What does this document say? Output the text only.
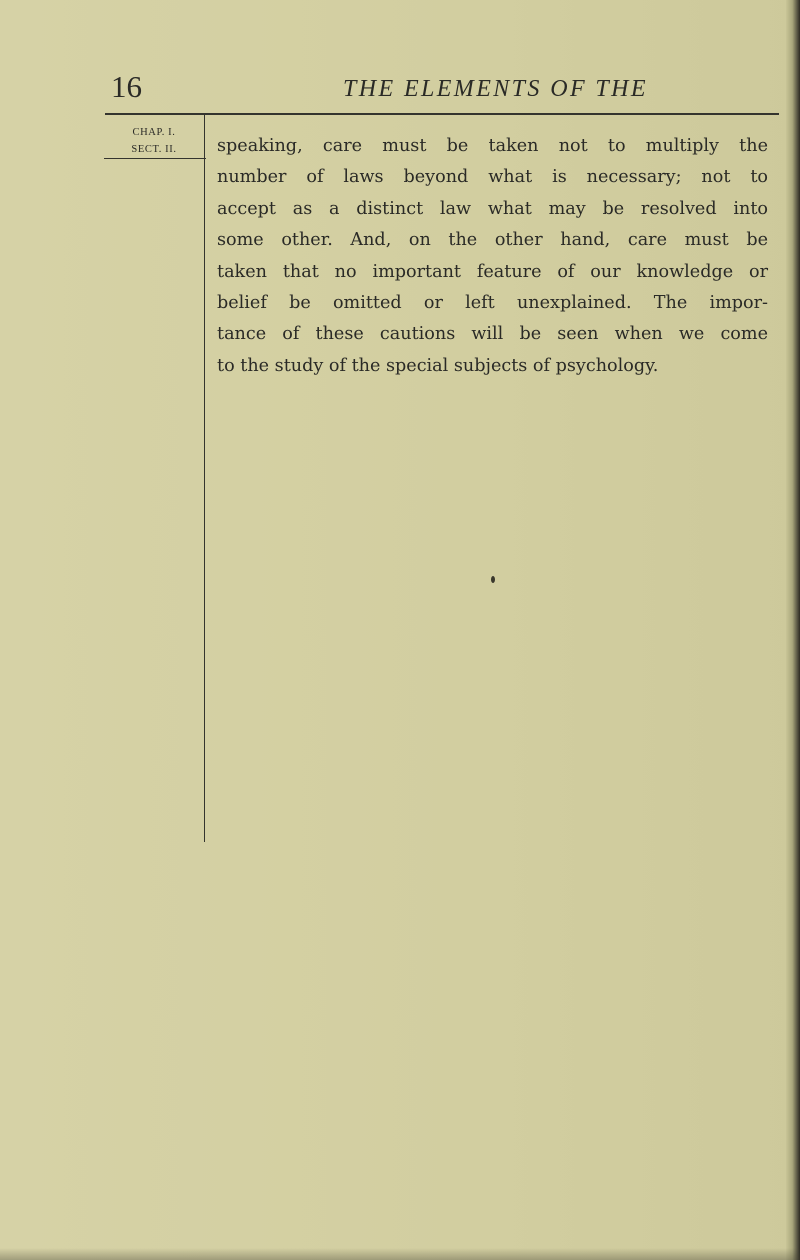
16	THE ELEMENTS OF THE
CHAP. I.
SECT. II.	speaking, care must be taken not to multiply the
number of laws beyond what is necessary; not to
accept as a distinct law what may be resolved into
some other. And, on the other hand, care must be
taken that no important feature of our knowledge or
belief be omitted or left unexplained. The impor-
tance of these cautions will be seen when we come
to the study of the special subjects of psychology.
